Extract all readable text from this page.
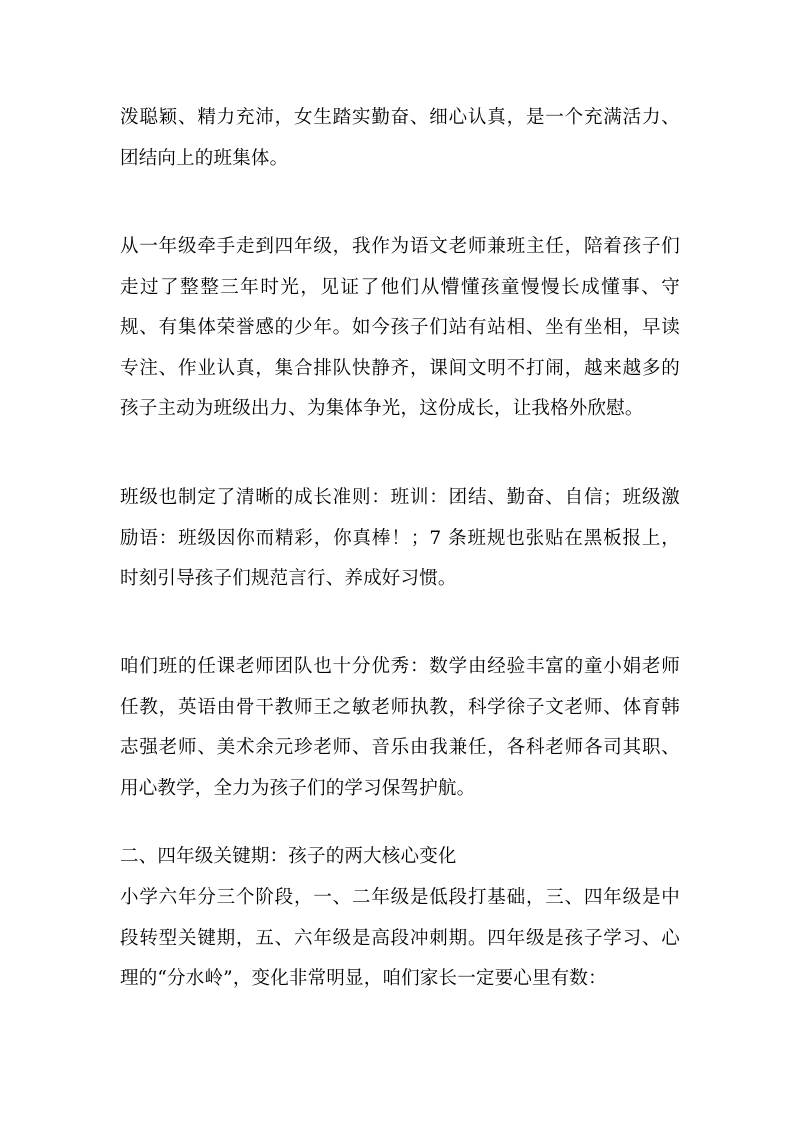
泼聪颖、精力充沛，女生踏实勤奋、细心认真，是一个充满活力、团结向上的班集体。

从一年级牵手走到四年级，我作为语文老师兼班主任，陪着孩子们走过了整整三年时光，见证了他们从懵懂孩童慢慢长成懂事、守规、有集体荣誉感的少年。如今孩子们站有站相、坐有坐相，早读专注、作业认真，集合排队快静齐，课间文明不打闹，越来越多的孩子主动为班级出力、为集体争光，这份成长，让我格外欣慰。

班级也制定了清晰的成长准则：班训：团结、勤奋、自信；班级激励语：班级因你而精彩，你真棒！；7 条班规也张贴在黑板报上，时刻引导孩子们规范言行、养成好习惯。

咱们班的任课老师团队也十分优秀：数学由经验丰富的童小娟老师任教，英语由骨干教师王之敏老师执教，科学徐子文老师、体育韩志强老师、美术余元珍老师、音乐由我兼任，各科老师各司其职、用心教学，全力为孩子们的学习保驾护航。

二、四年级关键期：孩子的两大核心变化

小学六年分三个阶段，一、二年级是低段打基础，三、四年级是中段转型关键期，五、六年级是高段冲刺期。四年级是孩子学习、心理的“分水岭”，变化非常明显，咱们家长一定要心里有数：
